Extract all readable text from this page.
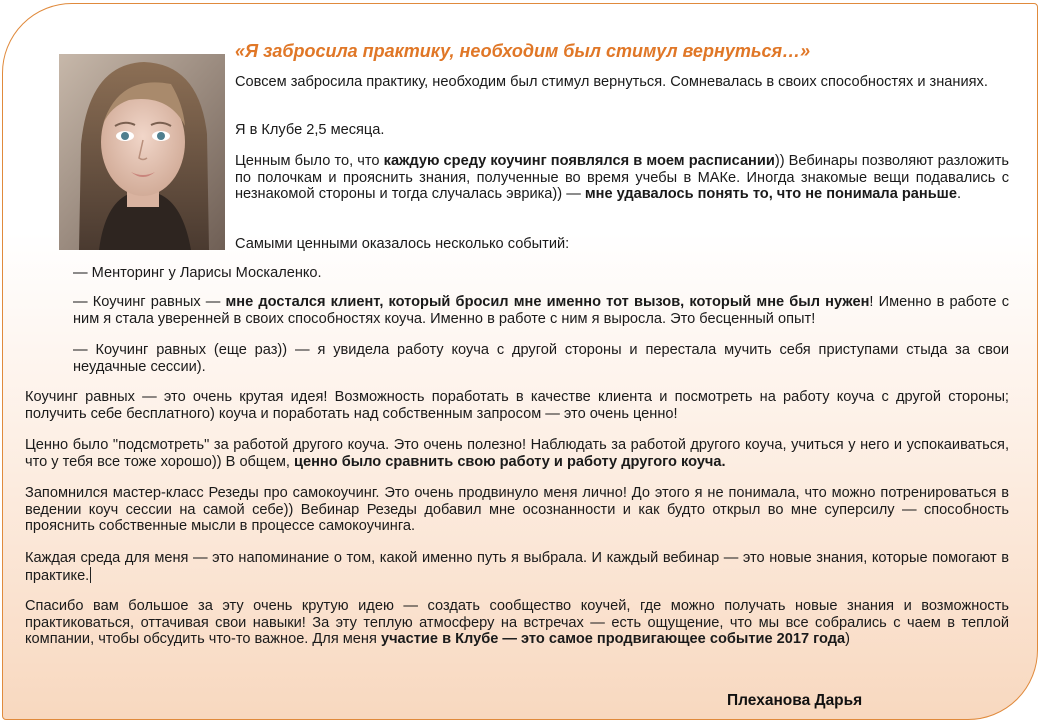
«Я забросила практику, необходим был стимул вернуться…»

Совсем забросила практику, необходим был стимул вернуться. Сомневалась в своих способностях и знаниях.

Я в Клубе 2,5 месяца.

Ценным было то, что каждую среду коучинг появлялся в моем расписании)) Вебинары позволяют разложить по полочкам и прояснить знания, полученные во время учебы в МАКе. Иногда знакомые вещи подавались с незнакомой стороны и тогда случалась эврика)) — мне удавалось понять то, что не понимала раньше.

Самыми ценными оказалось несколько событий:

— Менторинг у Ларисы Москаленко.

— Коучинг равных — мне достался клиент, который бросил мне именно тот вызов, который мне был нужен! Именно в работе с ним я стала уверенней в своих способностях коуча. Именно в работе с ним я выросла. Это бесценный опыт!

— Коучинг равных (еще раз)) — я увидела работу коуча с другой стороны и перестала мучить себя приступами стыда за свои неудачные сессии).

Коучинг равных — это очень крутая идея! Возможность поработать в качестве клиента и посмотреть на работу коуча с другой стороны; получить себе бесплатного) коуча и поработать над собственным запросом — это очень ценно!

Ценно было "подсмотреть" за работой другого коуча. Это очень полезно! Наблюдать за работой другого коуча, учиться у него и успокаиваться, что у тебя все тоже хорошо)) В общем, ценно было сравнить свою работу и работу другого коуча.

Запомнился мастер-класс Резеды про самокоучинг. Это очень продвинуло меня лично! До этого я не понимала, что можно потренироваться в ведении коуч сессии на самой себе)) Вебинар Резеды добавил мне осознанности и как будто открыл во мне суперсилу — способность прояснить собственные мысли в процессе самокоучинга.

Каждая среда для меня — это напоминание о том, какой именно путь я выбрала. И каждый вебинар — это новые знания, которые помогают в практике.

Спасибо вам большое за эту очень крутую идею — создать сообщество коучей, где можно получать новые знания и возможность практиковаться, оттачивая свои навыки! За эту теплую атмосферу на встречах — есть ощущение, что мы все собрались с чаем в теплой компании, чтобы обсудить что-то важное. Для меня участие в Клубе — это самое продвигающее событие 2017 года)

Плеханова Дарья
